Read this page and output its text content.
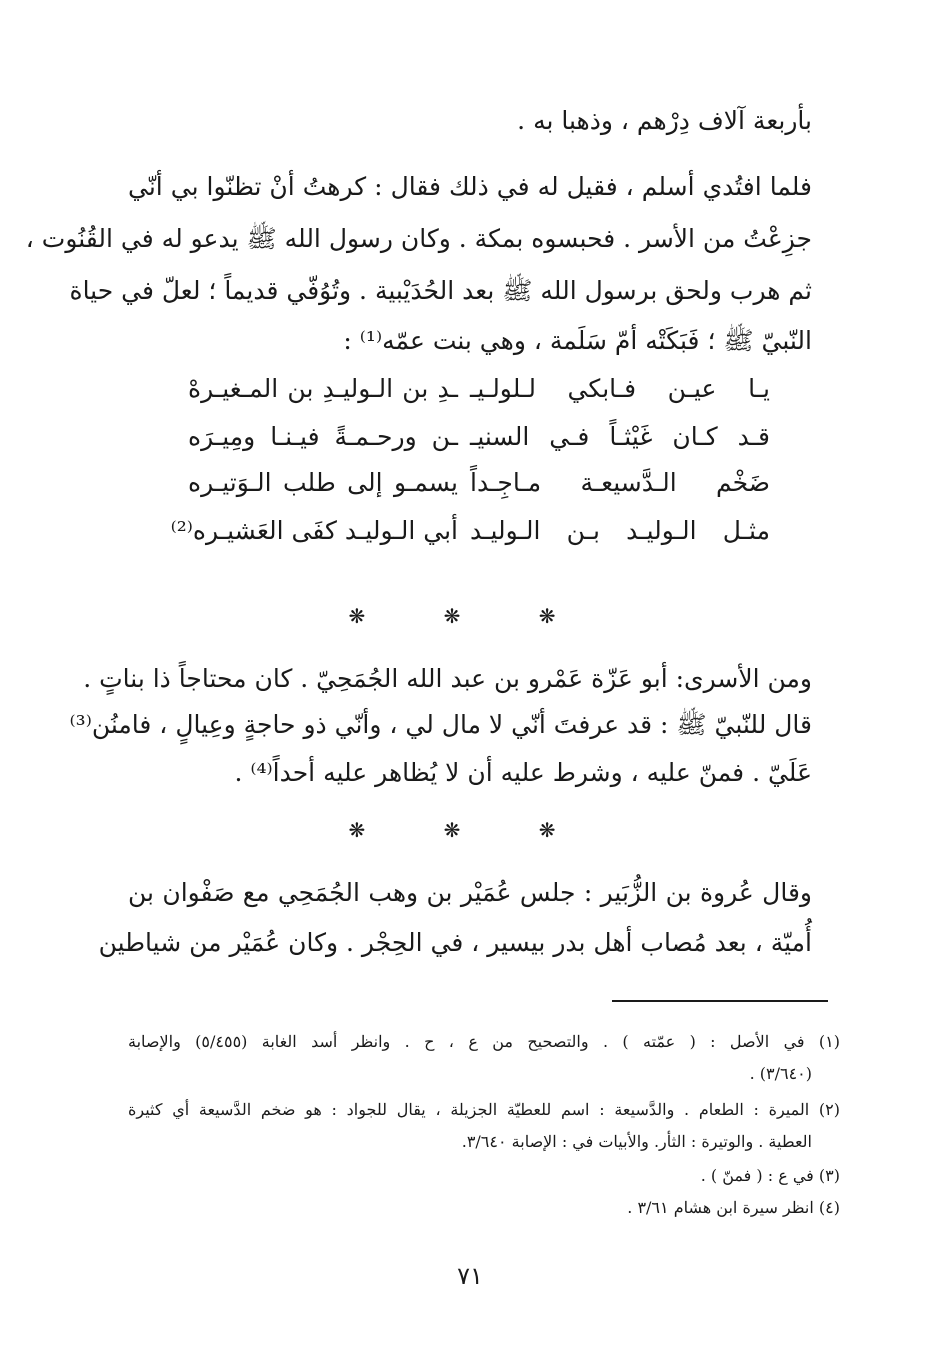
بأربعة آلاف دِرْهم ، وذهبا به .
فلما افتُدي أسلم ، فقيل له في ذلك فقال : كرهتُ أنْ تظنّوا بي أنّي
جزِعْتُ من الأسر . فحبسوه بمكة . وكان رسول الله ﷺ يدعو له في القُنُوت ،
ثم هرب ولحق برسول الله ﷺ بعد الحُدَيْبية . وتُوُفّي قديماً ؛ لعلّ في حياة
النّبيّ ﷺ ؛ فَبَكَتْه أمّ سَلَمة ، وهي بنت عمّه⁽¹⁾ :
يـا عيـن فـابكي لـلولـيـ
ـدِ بن الـوليـدِ بن المـغيـرهْ
قـد كـان غَيْثـاً فـي السنيـ
ـن ورحـمـةً فيـنـا ومِيـرَه
ضَخْم الـدَّسيعـة مـاجِـداً
يسمـو إلى طلب الـوَتيـره
مثـل الـوليـد بـن الـوليـد
أبي الـوليـد كفَى العَشيـره⁽²⁾
❋ ❋ ❋
ومن الأسرى: أبو عَزّة عَمْرو بن عبد الله الجُمَحِيّ . كان محتاجاً ذا بناتٍ .
قال للنّبيّ ﷺ : قد عرفتَ أنّي لا مال لي ، وأنّي ذو حاجةٍ وعِيالٍ ، فامنُن⁽³⁾
عَلَيّ . فمنّ عليه ، وشرط عليه أن لا يُظاهر عليه أحداً⁽⁴⁾ .
❋ ❋ ❋
وقال عُروة بن الزُّبَير : جلس عُمَيْر بن وهب الجُمَحِي مع صَفْوان بن
أُميّة ، بعد مُصاب أهل بدر بيسير ، في الحِجْر . وكان عُمَيْر من شياطين
(١) في الأصل : ( عمّته ) . والتصحيح من ع ، ح . وانظر أسد الغابة (٥/٤٥٥) والإصابة
(٣/٦٤٠) .
(٢) الميرة : الطعام . والدَّسيعة : اسم للعطيّة الجزيلة ، يقال للجواد : هو ضخم الدَّسيعة أي كثيرة
العطية . والوتيرة : الثأر. والأبيات في : الإصابة ٣/٦٤٠.
(٣) في ع : ( فمنّ ) .
(٤) انظر سيرة ابن هشام ٣/٦١ .
٧١
